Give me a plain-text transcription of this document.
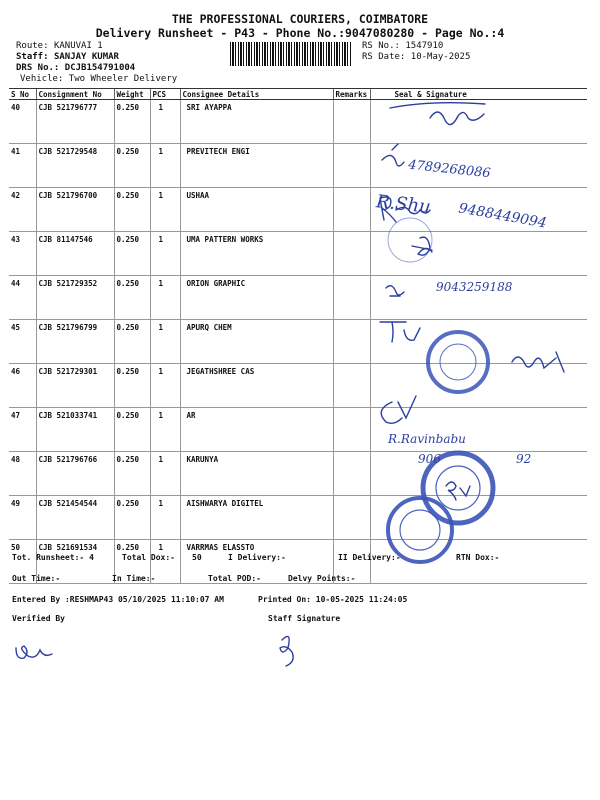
THE PROFESSIONAL COURIERS, COIMBATORE
Delivery Runsheet - P43 - Phone No.:9047080280 - Page No.:4
Route: KANUVAI 1
Staff: SANJAY KUMAR
DRS No.: DCJB154791004
Vehicle: Two Wheeler Delivery
RS No.: 1547910
RS Date: 10-May-2025
S No	Consignment No	Weight	PCS	Consignee Details	Remarks	Seal & Signature
40	CJB 521796777	0.250	1	SRI AYAPPA		
41	CJB 521729548	0.250	1	PREVITECH ENGI		
42	CJB 521796700	0.250	1	USHAA		
43	CJB 81147546	0.250	1	UMA PATTERN WORKS		
44	CJB 521729352	0.250	1	ORION GRAPHIC		
45	CJB 521796799	0.250	1	APURQ CHEM		
46	CJB 521729301	0.250	1	JEGATHSHREE CAS		
47	CJB 521033741	0.250	1	AR		
48	CJB 521796766	0.250	1	KARUNYA		
49	CJB 521454544	0.250	1	AISHWARYA DIGITEL		
50	CJB 521691534	0.250	1	VARRMAS ELASSTO		
4789268086
R.Shu 9488449094
9043259188
R.Ravinbabu
906	92
Tot. Runsheet:- 4	Total Dox:- 50	I Delivery:-	II Delivery:-	RTN Dox:-
Out Time:-	In Time:-	Total POD:-	Delvy Points:-
Entered By :RESHMAP43 05/10/2025 11:10:07 AM	Printed On: 10-05-2025 11:24:05
Verified By	Staff Signature
